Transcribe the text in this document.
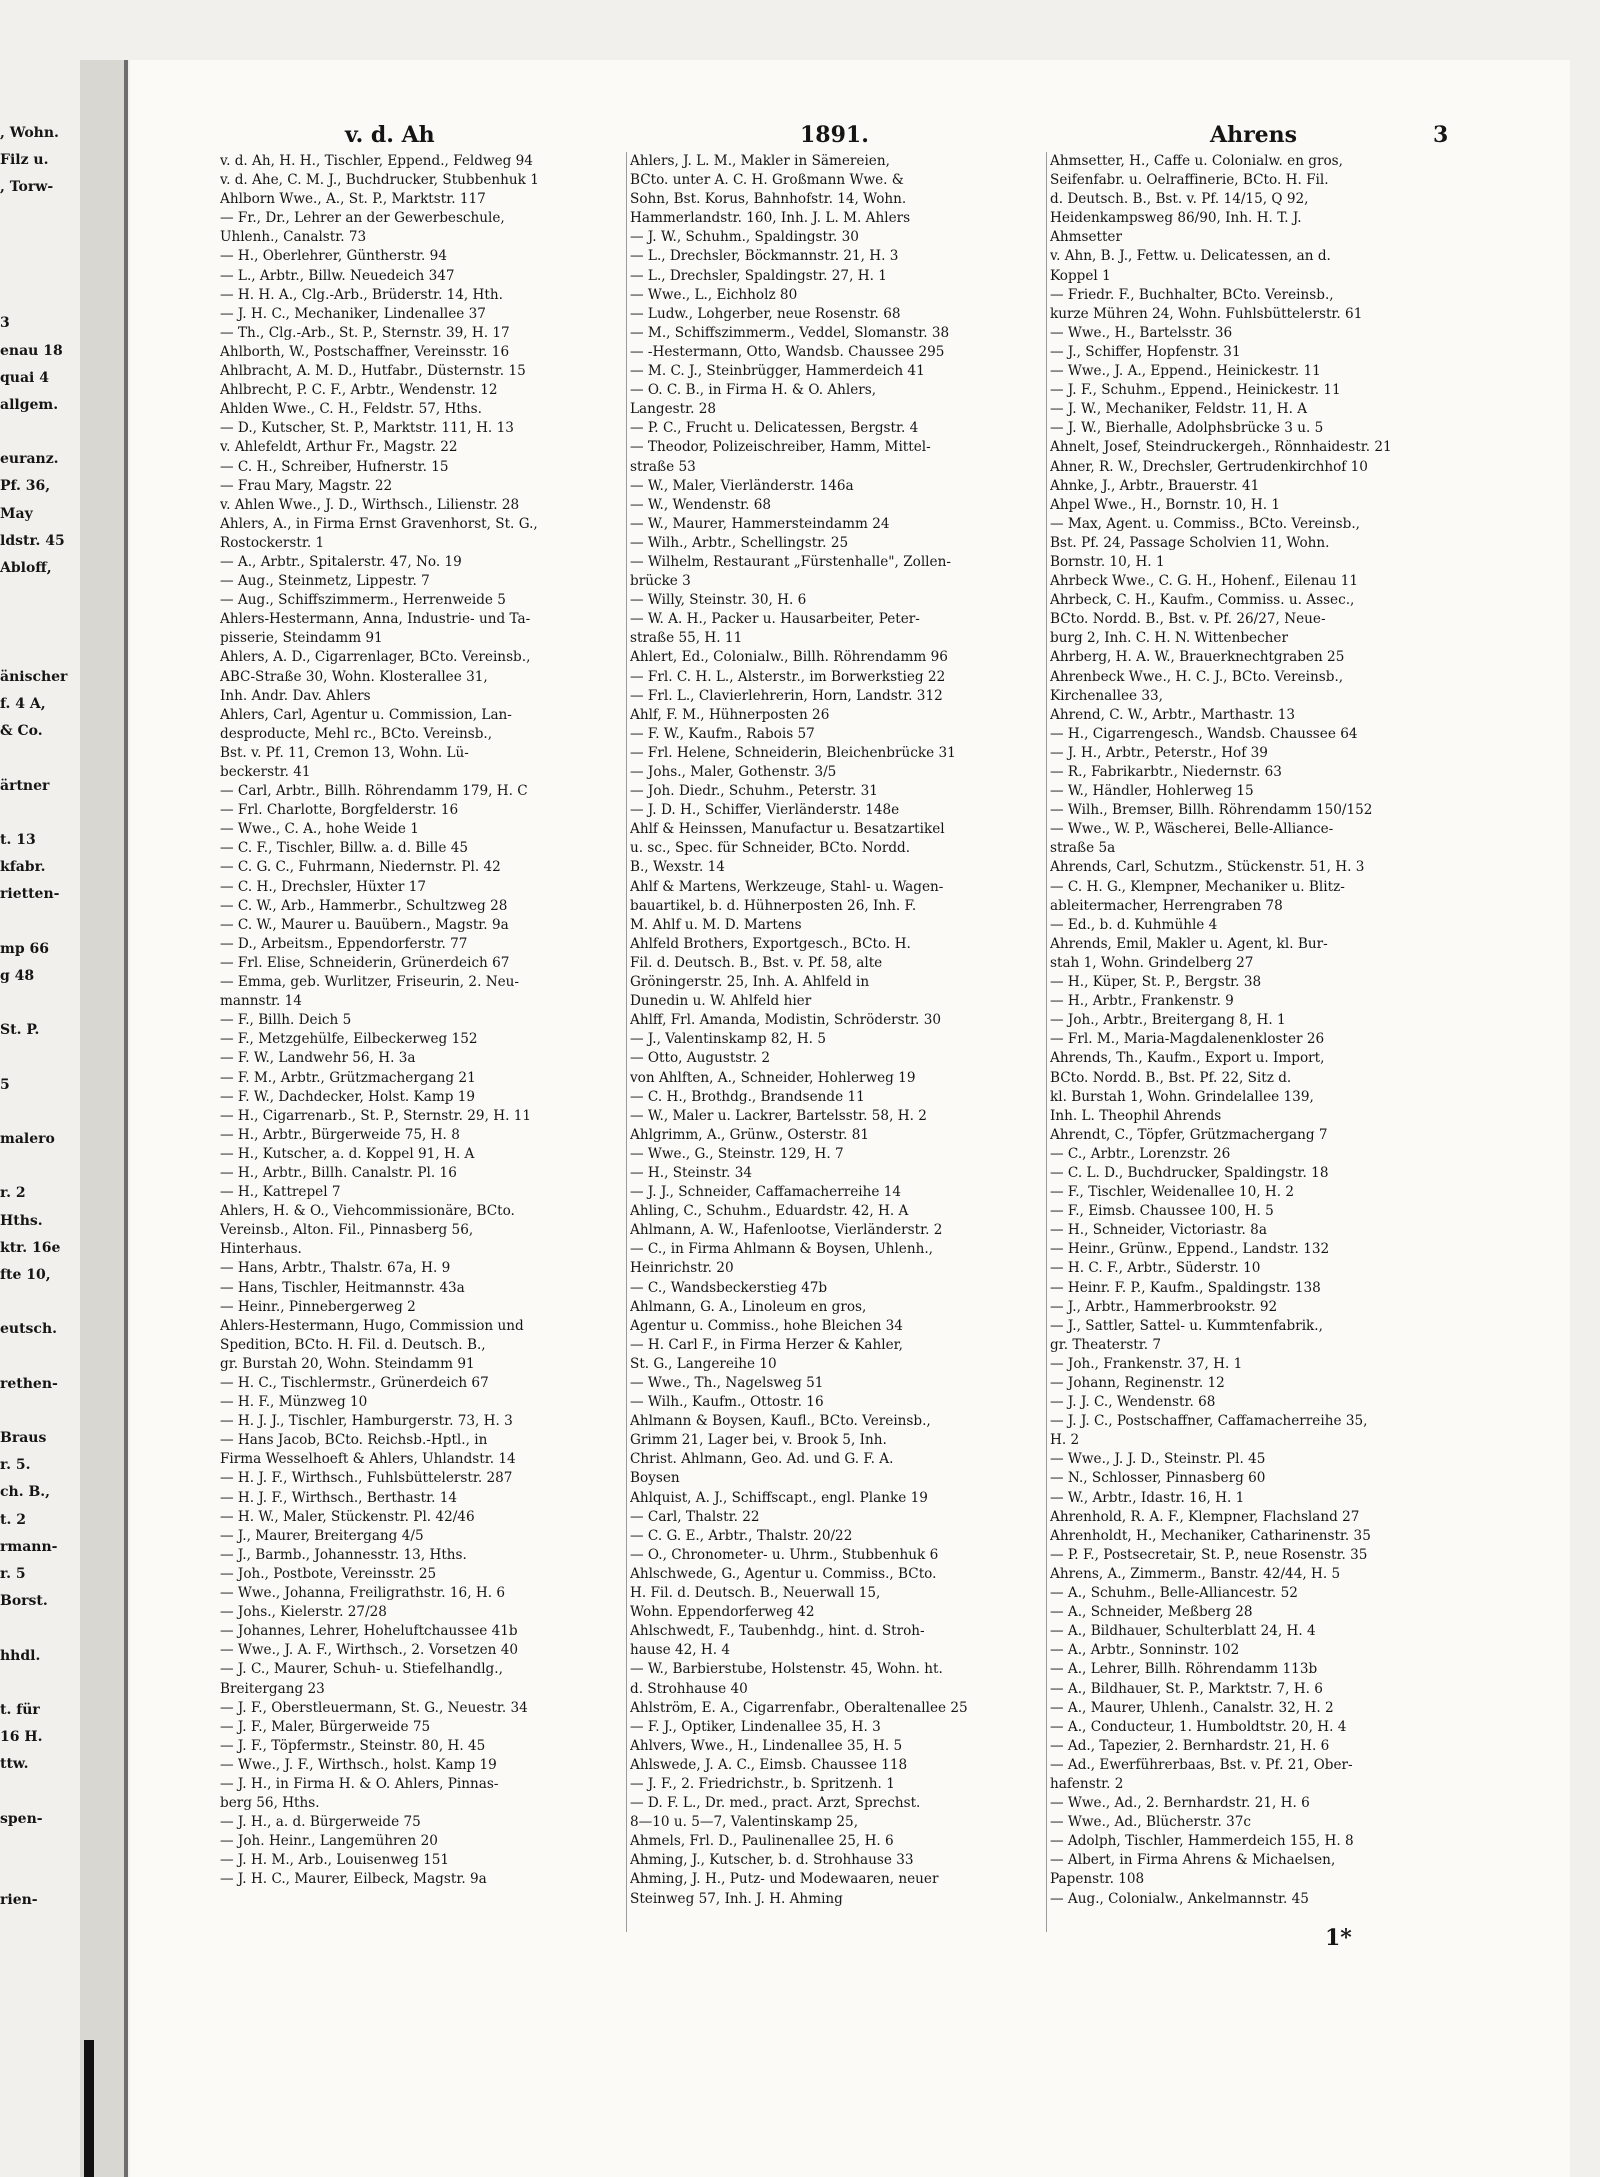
, Wohn.
Filz u.
, Torw-
3
enau 18
quai 4
allgem.
euranz.
Pf. 36,
May
ldstr. 45
Abloff,
änischer
f. 4 A,
& Co.
ärtner
t. 13
kfabr.
rietten-
mp 66
g 48
St. P.
5
malero
r. 2
Hths.
ktr. 16e
fte 10,
eutsch.
rethen-
Braus
r. 5.
ch. B.,
t. 2
rmann-
r. 5
Borst.
hhdl.
t. für
16 H.
ttw.
spen-
rien-
v. d. Ah	1891.	Ahrens	3
v. d. Ah, H. H., Tischler, Eppend., Feldweg 94
v. d. Ahe, C. M. J., Buchdrucker, Stubbenhuk 1
Ahlborn Wwe., A., St. P., Marktstr. 117
— Fr., Dr., Lehrer an der Gewerbeschule,
Uhlenh., Canalstr. 73
— H., Oberlehrer, Güntherstr. 94
— L., Arbtr., Billw. Neuedeich 347
— H. H. A., Clg.-Arb., Brüderstr. 14, Hth.
— J. H. C., Mechaniker, Lindenallee 37
— Th., Clg.-Arb., St. P., Sternstr. 39, H. 17
Ahlborth, W., Postschaffner, Vereinsstr. 16
Ahlbracht, A. M. D., Hutfabr., Düsternstr. 15
Ahlbrecht, P. C. F., Arbtr., Wendenstr. 12
Ahlden Wwe., C. H., Feldstr. 57, Hths.
— D., Kutscher, St. P., Marktstr. 111, H. 13
v. Ahlefeldt, Arthur Fr., Magstr. 22
— C. H., Schreiber, Hufnerstr. 15
— Frau Mary, Magstr. 22
v. Ahlen Wwe., J. D., Wirthsch., Lilienstr. 28
Ahlers, A., in Firma Ernst Gravenhorst, St. G.,
Rostockerstr. 1
— A., Arbtr., Spitalerstr. 47, No. 19
— Aug., Steinmetz, Lippestr. 7
— Aug., Schiffszimmerm., Herrenweide 5
Ahlers-Hestermann, Anna, Industrie- und Ta-
pisserie, Steindamm 91
Ahlers, A. D., Cigarrenlager, BCto. Vereinsb.,
ABC-Straße 30, Wohn. Klosterallee 31,
Inh. Andr. Dav. Ahlers
Ahlers, Carl, Agentur u. Commission, Lan-
desproducte, Mehl rc., BCto. Vereinsb.,
Bst. v. Pf. 11, Cremon 13, Wohn. Lü-
beckerstr. 41
— Carl, Arbtr., Billh. Röhrendamm 179, H. C
— Frl. Charlotte, Borgfelderstr. 16
— Wwe., C. A., hohe Weide 1
— C. F., Tischler, Billw. a. d. Bille 45
— C. G. C., Fuhrmann, Niedernstr. Pl. 42
— C. H., Drechsler, Hüxter 17
— C. W., Arb., Hammerbr., Schultzweg 28
— C. W., Maurer u. Bauübern., Magstr. 9a
— D., Arbeitsm., Eppendorferstr. 77
— Frl. Elise, Schneiderin, Grünerdeich 67
— Emma, geb. Wurlitzer, Friseurin, 2. Neu-
mannstr. 14
— F., Billh. Deich 5
— F., Metzgehülfe, Eilbeckerweg 152
— F. W., Landwehr 56, H. 3a
— F. M., Arbtr., Grützmachergang 21
— F. W., Dachdecker, Holst. Kamp 19
— H., Cigarrenarb., St. P., Sternstr. 29, H. 11
— H., Arbtr., Bürgerweide 75, H. 8
— H., Kutscher, a. d. Koppel 91, H. A
— H., Arbtr., Billh. Canalstr. Pl. 16
— H., Kattrepel 7
Ahlers, H. & O., Viehcommissionäre, BCto.
Vereinsb., Alton. Fil., Pinnasberg 56,
Hinterhaus.
— Hans, Arbtr., Thalstr. 67a, H. 9
— Hans, Tischler, Heitmannstr. 43a
— Heinr., Pinnebergerweg 2
Ahlers-Hestermann, Hugo, Commission und
Spedition, BCto. H. Fil. d. Deutsch. B.,
gr. Burstah 20, Wohn. Steindamm 91
— H. C., Tischlermstr., Grünerdeich 67
— H. F., Münzweg 10
— H. J. J., Tischler, Hamburgerstr. 73, H. 3
— Hans Jacob, BCto. Reichsb.-Hptl., in
Firma Wesselhoeft & Ahlers, Uhlandstr. 14
— H. J. F., Wirthsch., Fuhlsbüttelerstr. 287
— H. J. F., Wirthsch., Berthastr. 14
— H. W., Maler, Stückenstr. Pl. 42/46
— J., Maurer, Breitergang 4/5
— J., Barmb., Johannesstr. 13, Hths.
— Joh., Postbote, Vereinsstr. 25
— Wwe., Johanna, Freiligrathstr. 16, H. 6
— Johs., Kielerstr. 27/28
— Johannes, Lehrer, Hoheluftchaussee 41b
— Wwe., J. A. F., Wirthsch., 2. Vorsetzen 40
— J. C., Maurer, Schuh- u. Stiefelhandlg.,
Breitergang 23
— J. F., Oberstleuermann, St. G., Neuestr. 34
— J. F., Maler, Bürgerweide 75
— J. F., Töpfermstr., Steinstr. 80, H. 45
— Wwe., J. F., Wirthsch., holst. Kamp 19
— J. H., in Firma H. & O. Ahlers, Pinnas-
berg 56, Hths.
— J. H., a. d. Bürgerweide 75
— Joh. Heinr., Langemühren 20
— J. H. M., Arb., Louisenweg 151
— J. H. C., Maurer, Eilbeck, Magstr. 9a
Ahlers, J. L. M., Makler in Sämereien,
BCto. unter A. C. H. Großmann Wwe. &
Sohn, Bst. Korus, Bahnhofstr. 14, Wohn.
Hammerlandstr. 160, Inh. J. L. M. Ahlers
— J. W., Schuhm., Spaldingstr. 30
— L., Drechsler, Böckmannstr. 21, H. 3
— L., Drechsler, Spaldingstr. 27, H. 1
— Wwe., L., Eichholz 80
— Ludw., Lohgerber, neue Rosenstr. 68
— M., Schiffszimmerm., Veddel, Slomanstr. 38
— -Hestermann, Otto, Wandsb. Chaussee 295
— M. C. J., Steinbrügger, Hammerdeich 41
— O. C. B., in Firma H. & O. Ahlers,
Langestr. 28
— P. C., Frucht u. Delicatessen, Bergstr. 4
— Theodor, Polizeischreiber, Hamm, Mittel-
straße 53
— W., Maler, Vierländerstr. 146a
— W., Wendenstr. 68
— W., Maurer, Hammersteindamm 24
— Wilh., Arbtr., Schellingstr. 25
— Wilhelm, Restaurant „Fürstenhalle", Zollen-
brücke 3
— Willy, Steinstr. 30, H. 6
— W. A. H., Packer u. Hausarbeiter, Peter-
straße 55, H. 11
Ahlert, Ed., Colonialw., Billh. Röhrendamm 96
— Frl. C. H. L., Alsterstr., im Borwerkstieg 22
— Frl. L., Clavierlehrerin, Horn, Landstr. 312
Ahlf, F. M., Hühnerposten 26
— F. W., Kaufm., Rabois 57
— Frl. Helene, Schneiderin, Bleichenbrücke 31
— Johs., Maler, Gothenstr. 3/5
— Joh. Diedr., Schuhm., Peterstr. 31
— J. D. H., Schiffer, Vierländerstr. 148e
Ahlf & Heinssen, Manufactur u. Besatzartikel
u. sc., Spec. für Schneider, BCto. Nordd.
B., Wexstr. 14
Ahlf & Martens, Werkzeuge, Stahl- u. Wagen-
bauartikel, b. d. Hühnerposten 26, Inh. F.
M. Ahlf u. M. D. Martens
Ahlfeld Brothers, Exportgesch., BCto. H.
Fil. d. Deutsch. B., Bst. v. Pf. 58, alte
Gröningerstr. 25, Inh. A. Ahlfeld in
Dunedin u. W. Ahlfeld hier
Ahlff, Frl. Amanda, Modistin, Schröderstr. 30
— J., Valentinskamp 82, H. 5
— Otto, Auguststr. 2
von Ahlften, A., Schneider, Hohlerweg 19
— C. H., Brothdg., Brandsende 11
— W., Maler u. Lackrer, Bartelsstr. 58, H. 2
Ahlgrimm, A., Grünw., Osterstr. 81
— Wwe., G., Steinstr. 129, H. 7
— H., Steinstr. 34
— J. J., Schneider, Caffamacherreihe 14
Ahling, C., Schuhm., Eduardstr. 42, H. A
Ahlmann, A. W., Hafenlootse, Vierländerstr. 2
— C., in Firma Ahlmann & Boysen, Uhlenh.,
Heinrichstr. 20
— C., Wandsbeckerstieg 47b
Ahlmann, G. A., Linoleum en gros,
Agentur u. Commiss., hohe Bleichen 34
— H. Carl F., in Firma Herzer & Kahler,
St. G., Langereihe 10
— Wwe., Th., Nagelsweg 51
— Wilh., Kaufm., Ottostr. 16
Ahlmann & Boysen, Kaufl., BCto. Vereinsb.,
Grimm 21, Lager bei, v. Brook 5, Inh.
Christ. Ahlmann, Geo. Ad. und G. F. A.
Boysen
Ahlquist, A. J., Schiffscapt., engl. Planke 19
— Carl, Thalstr. 22
— C. G. E., Arbtr., Thalstr. 20/22
— O., Chronometer- u. Uhrm., Stubbenhuk 6
Ahlschwede, G., Agentur u. Commiss., BCto.
H. Fil. d. Deutsch. B., Neuerwall 15,
Wohn. Eppendorferweg 42
Ahlschwedt, F., Taubenhdg., hint. d. Stroh-
hause 42, H. 4
— W., Barbierstube, Holstenstr. 45, Wohn. ht.
d. Strohhause 40
Ahlström, E. A., Cigarrenfabr., Oberaltenallee 25
— F. J., Optiker, Lindenallee 35, H. 3
Ahlvers, Wwe., H., Lindenallee 35, H. 5
Ahlswede, J. A. C., Eimsb. Chaussee 118
— J. F., 2. Friedrichstr., b. Spritzenh. 1
— D. F. L., Dr. med., pract. Arzt, Sprechst.
8—10 u. 5—7, Valentinskamp 25,
Ahmels, Frl. D., Paulinenallee 25, H. 6
Ahming, J., Kutscher, b. d. Strohhause 33
Ahming, J. H., Putz- und Modewaaren, neuer
Steinweg 57, Inh. J. H. Ahming
Ahmsetter, H., Caffe u. Colonialw. en gros,
Seifenfabr. u. Oelraffinerie, BCto. H. Fil.
d. Deutsch. B., Bst. v. Pf. 14/15, Q 92,
Heidenkampsweg 86/90, Inh. H. T. J.
Ahmsetter
v. Ahn, B. J., Fettw. u. Delicatessen, an d.
Koppel 1
— Friedr. F., Buchhalter, BCto. Vereinsb.,
kurze Mühren 24, Wohn. Fuhlsbüttelerstr. 61
— Wwe., H., Bartelsstr. 36
— J., Schiffer, Hopfenstr. 31
— Wwe., J. A., Eppend., Heinickestr. 11
— J. F., Schuhm., Eppend., Heinickestr. 11
— J. W., Mechaniker, Feldstr. 11, H. A
— J. W., Bierhalle, Adolphsbrücke 3 u. 5
Ahnelt, Josef, Steindruckergeh., Rönnhaidestr. 21
Ahner, R. W., Drechsler, Gertrudenkirchhof 10
Ahnke, J., Arbtr., Brauerstr. 41
Ahpel Wwe., H., Bornstr. 10, H. 1
— Max, Agent. u. Commiss., BCto. Vereinsb.,
Bst. Pf. 24, Passage Scholvien 11, Wohn.
Bornstr. 10, H. 1
Ahrbeck Wwe., C. G. H., Hohenf., Eilenau 11
Ahrbeck, C. H., Kaufm., Commiss. u. Assec.,
BCto. Nordd. B., Bst. v. Pf. 26/27, Neue-
burg 2, Inh. C. H. N. Wittenbecher
Ahrberg, H. A. W., Brauerknechtgraben 25
Ahrenbeck Wwe., H. C. J., BCto. Vereinsb.,
Kirchenallee 33,
Ahrend, C. W., Arbtr., Marthastr. 13
— H., Cigarrengesch., Wandsb. Chaussee 64
— J. H., Arbtr., Peterstr., Hof 39
— R., Fabrikarbtr., Niedernstr. 63
— W., Händler, Hohlerweg 15
— Wilh., Bremser, Billh. Röhrendamm 150/152
— Wwe., W. P., Wäscherei, Belle-Alliance-
straße 5a
Ahrends, Carl, Schutzm., Stückenstr. 51, H. 3
— C. H. G., Klempner, Mechaniker u. Blitz-
ableitermacher, Herrengraben 78
— Ed., b. d. Kuhmühle 4
Ahrends, Emil, Makler u. Agent, kl. Bur-
stah 1, Wohn. Grindelberg 27
— H., Küper, St. P., Bergstr. 38
— H., Arbtr., Frankenstr. 9
— Joh., Arbtr., Breitergang 8, H. 1
— Frl. M., Maria-Magdalenenkloster 26
Ahrends, Th., Kaufm., Export u. Import,
BCto. Nordd. B., Bst. Pf. 22, Sitz d.
kl. Burstah 1, Wohn. Grindelallee 139,
Inh. L. Theophil Ahrends
Ahrendt, C., Töpfer, Grützmachergang 7
— C., Arbtr., Lorenzstr. 26
— C. L. D., Buchdrucker, Spaldingstr. 18
— F., Tischler, Weidenallee 10, H. 2
— F., Eimsb. Chaussee 100, H. 5
— H., Schneider, Victoriastr. 8a
— Heinr., Grünw., Eppend., Landstr. 132
— H. C. F., Arbtr., Süderstr. 10
— Heinr. F. P., Kaufm., Spaldingstr. 138
— J., Arbtr., Hammerbrookstr. 92
— J., Sattler, Sattel- u. Kummtenfabrik.,
gr. Theaterstr. 7
— Joh., Frankenstr. 37, H. 1
— Johann, Reginenstr. 12
— J. J. C., Wendenstr. 68
— J. J. C., Postschaffner, Caffamacherreihe 35,
H. 2
— Wwe., J. J. D., Steinstr. Pl. 45
— N., Schlosser, Pinnasberg 60
— W., Arbtr., Idastr. 16, H. 1
Ahrenhold, R. A. F., Klempner, Flachsland 27
Ahrenholdt, H., Mechaniker, Catharinenstr. 35
— P. F., Postsecretair, St. P., neue Rosenstr. 35
Ahrens, A., Zimmerm., Banstr. 42/44, H. 5
— A., Schuhm., Belle-Alliancestr. 52
— A., Schneider, Meßberg 28
— A., Bildhauer, Schulterblatt 24, H. 4
— A., Arbtr., Sonninstr. 102
— A., Lehrer, Billh. Röhrendamm 113b
— A., Bildhauer, St. P., Marktstr. 7, H. 6
— A., Maurer, Uhlenh., Canalstr. 32, H. 2
— A., Conducteur, 1. Humboldtstr. 20, H. 4
— Ad., Tapezier, 2. Bernhardstr. 21, H. 6
— Ad., Ewerführerbaas, Bst. v. Pf. 21, Ober-
hafenstr. 2
— Wwe., Ad., 2. Bernhardstr. 21, H. 6
— Wwe., Ad., Blücherstr. 37c
— Adolph, Tischler, Hammerdeich 155, H. 8
— Albert, in Firma Ahrens & Michaelsen,
Papenstr. 108
— Aug., Colonialw., Ankelmannstr. 45
1*
